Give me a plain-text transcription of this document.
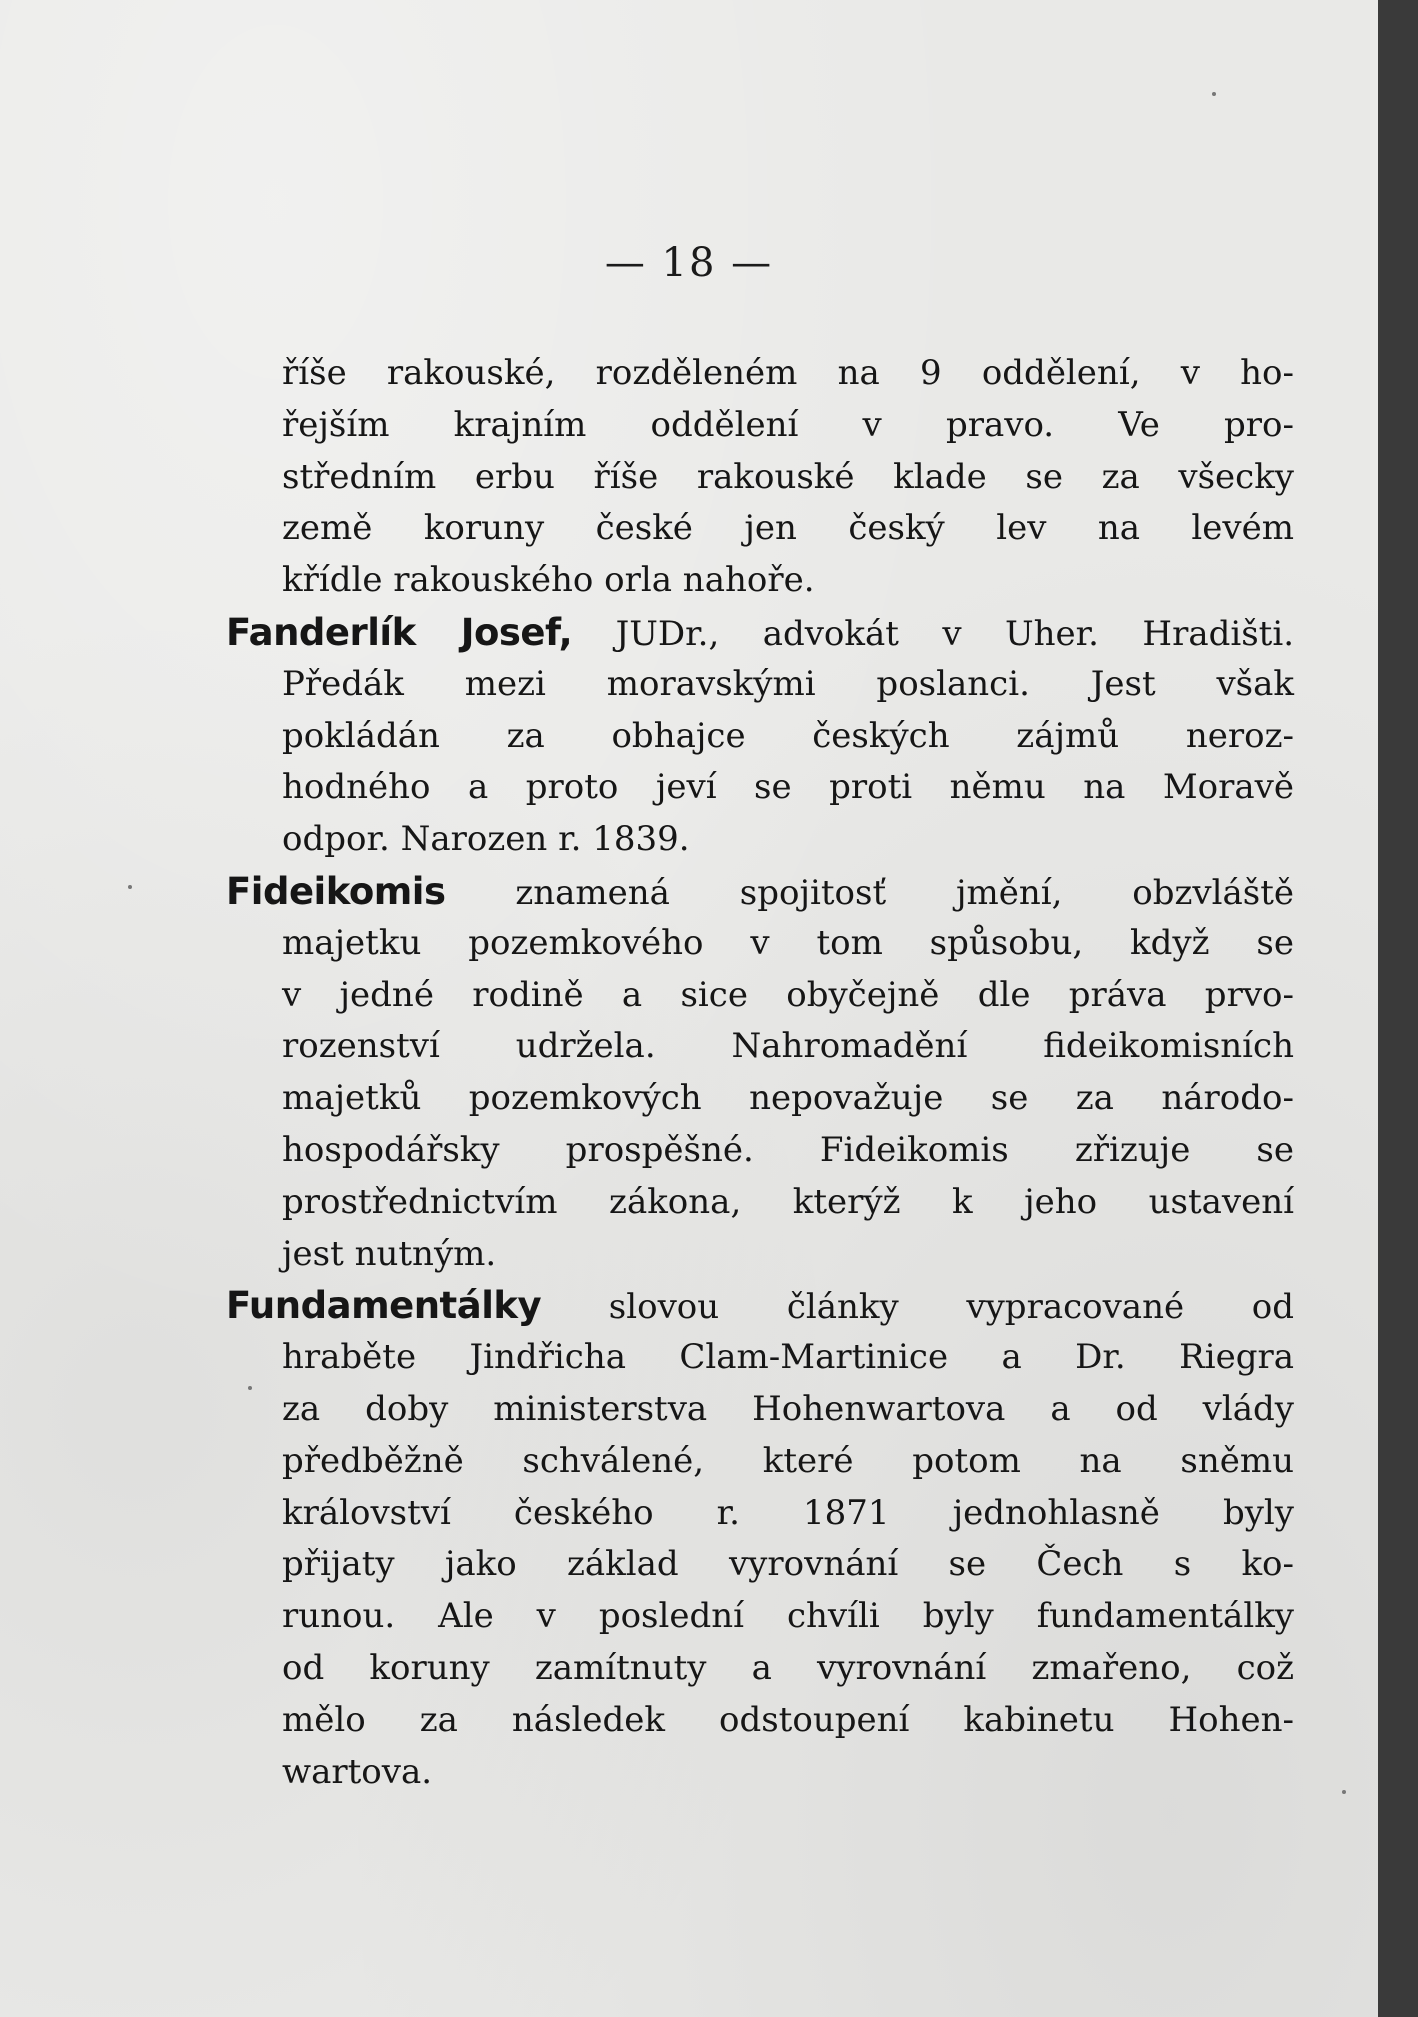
— 18 —
říše rakouské, rozděleném na 9 oddělení, v ho-
řejším krajním oddělení v pravo. Ve pro-
středním erbu říše rakouské klade se za všecky
země koruny české jen český lev na levém
křídle rakouského orla nahoře.
Fanderlík Josef, JUDr., advokát v Uher. Hradišti.
Předák mezi moravskými poslanci. Jest však
pokládán za obhajce českých zájmů neroz-
hodného a proto jeví se proti němu na Moravě
odpor. Narozen r. 1839.
Fideikomis znamená spojitosť jmění, obzvláště
majetku pozemkového v tom spůsobu, když se
v jedné rodině a sice obyčejně dle práva prvo-
rozenství udržela. Nahromadění fideikomisních
majetků pozemkových nepovažuje se za národo-
hospodářsky prospěšné. Fideikomis zřizuje se
prostřednictvím zákona, kterýž k jeho ustavení
jest nutným.
Fundamentálky slovou články vypracované od
hraběte Jindřicha Clam-Martinice a Dr. Riegra
za doby ministerstva Hohenwartova a od vlády
předběžně schválené, které potom na sněmu
království českého r. 1871 jednohlasně byly
přijaty jako základ vyrovnání se Čech s ko-
runou. Ale v poslední chvíli byly fundamentálky
od koruny zamítnuty a vyrovnání zmařeno, což
mělo za následek odstoupení kabinetu Hohen-
wartova.
